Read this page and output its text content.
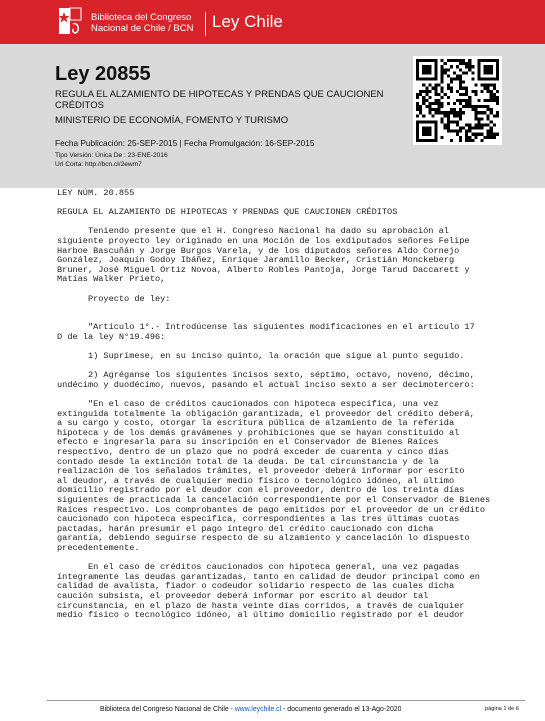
Biblioteca del Congreso
Nacional de Chile / BCN Ley Chile
Ley 20855
REGULA EL ALZAMIENTO DE HIPOTECAS Y PRENDAS QUE CAUCIONEN CRÉDITOS
MINISTERIO DE ECONOMÍA, FOMENTO Y TURISMO
Fecha Publicación: 25-SEP-2015 | Fecha Promulgación: 16-SEP-2015
Tipo Versión: Única De : 23-ENE-2016
Url Corta: http://bcn.cl/2ewm7

LEY NÚM. 20.855

REGULA EL ALZAMIENTO DE HIPOTECAS Y PRENDAS QUE CAUCIONEN CRÉDITOS

Teniendo presente que el H. Congreso Nacional ha dado su aprobación al

siguiente proyecto ley originado en una Moción de los exdiputados señores Felipe

Harboe Bascuñán y Jorge Burgos Varela, y de los diputados señores Aldo Cornejo

González, Joaquín Godoy Ibáñez, Enrique Jaramillo Becker, Cristián Monckeberg

Bruner, José Miguel Ortiz Novoa, Alberto Robles Pantoja, Jorge Tarud Daccarett y

Matías Walker Prieto,

Proyecto de ley:

"Artículo 1°.- Introdúcense las siguientes modificaciones en el artículo 17

D de la ley N°19.496:

1) Suprímese, en su inciso quinto, la oración que sigue al punto seguido.

2) Agréganse los siguientes incisos sexto, séptimo, octavo, noveno, décimo,

undécimo y duodécimo, nuevos, pasando el actual inciso sexto a ser decimotercero:

"En el caso de créditos caucionados con hipoteca específica, una vez

extinguida totalmente la obligación garantizada, el proveedor del crédito deberá,

a su cargo y costo, otorgar la escritura pública de alzamiento de la referida

hipoteca y de los demás gravámenes y prohibiciones que se hayan constituido al

efecto e ingresarla para su inscripción en el Conservador de Bienes Raíces

respectivo, dentro de un plazo que no podrá exceder de cuarenta y cinco días

contado desde la extinción total de la deuda. De tal circunstancia y de la

realización de los señalados trámites, el proveedor deberá informar por escrito

al deudor, a través de cualquier medio físico o tecnológico idóneo, al último

domicilio registrado por el deudor con el proveedor, dentro de los treinta días

siguientes de practicada la cancelación correspondiente por el Conservador de Bienes

Raíces respectivo. Los comprobantes de pago emitidos por el proveedor de un crédito

caucionado con hipoteca específica, correspondientes a las tres últimas cuotas

pactadas, harán presumir el pago íntegro del crédito caucionado con dicha

garantía, debiendo seguirse respecto de su alzamiento y cancelación lo dispuesto

precedentemente.

En el caso de créditos caucionados con hipoteca general, una vez pagadas

íntegramente las deudas garantizadas, tanto en calidad de deudor principal como en

calidad de avalista, fiador o codeudor solidario respecto de las cuales dicha

caución subsista, el proveedor deberá informar por escrito al deudor tal

circunstancia, en el plazo de hasta veinte días corridos, a través de cualquier

medio físico o tecnológico idóneo, al último domicilio registrado por el deudor

Biblioteca del Congreso Nacional de Chile - www.leychile.cl - documento generado el 13-Ago-2020	página 1 de 6
